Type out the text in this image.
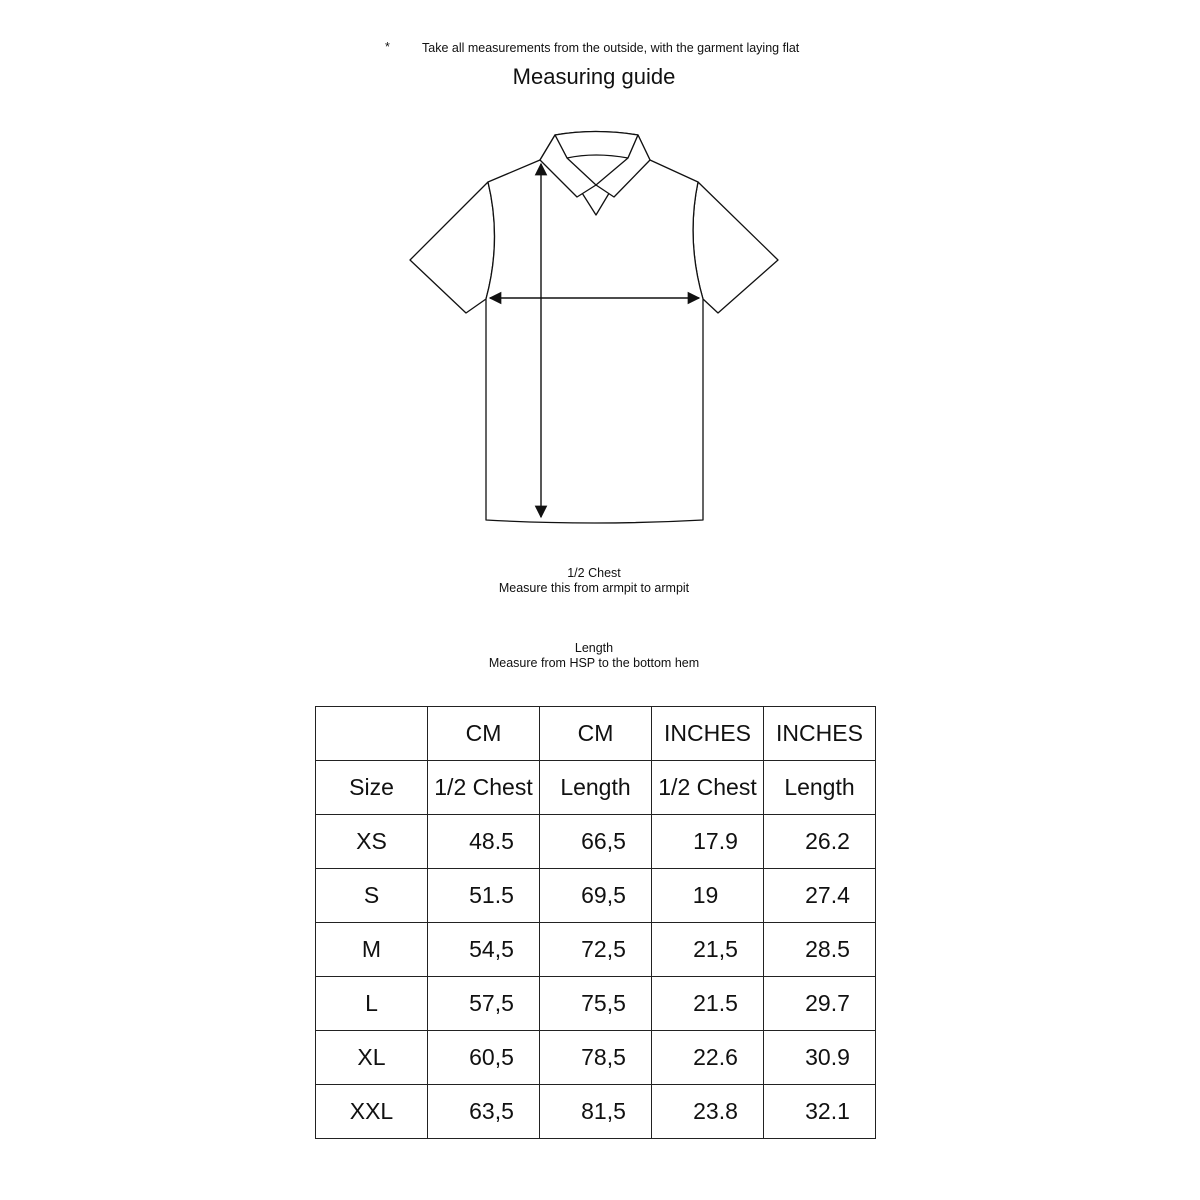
*	Take all measurements from the outside, with the garment laying flat
Measuring guide
1/2 Chest
Measure this from armpit to armpit
Length
Measure from HSP to the bottom hem
	CM	CM	INCHES	INCHES
Size	1/2 Chest	Length	1/2 Chest	Length
XS	48.5	66,5	17.9	26.2
S	51.5	69,5	19	27.4
M	54,5	72,5	21,5	28.5
L	57,5	75,5	21.5	29.7
XL	60,5	78,5	22.6	30.9
XXL	63,5	81,5	23.8	32.1
